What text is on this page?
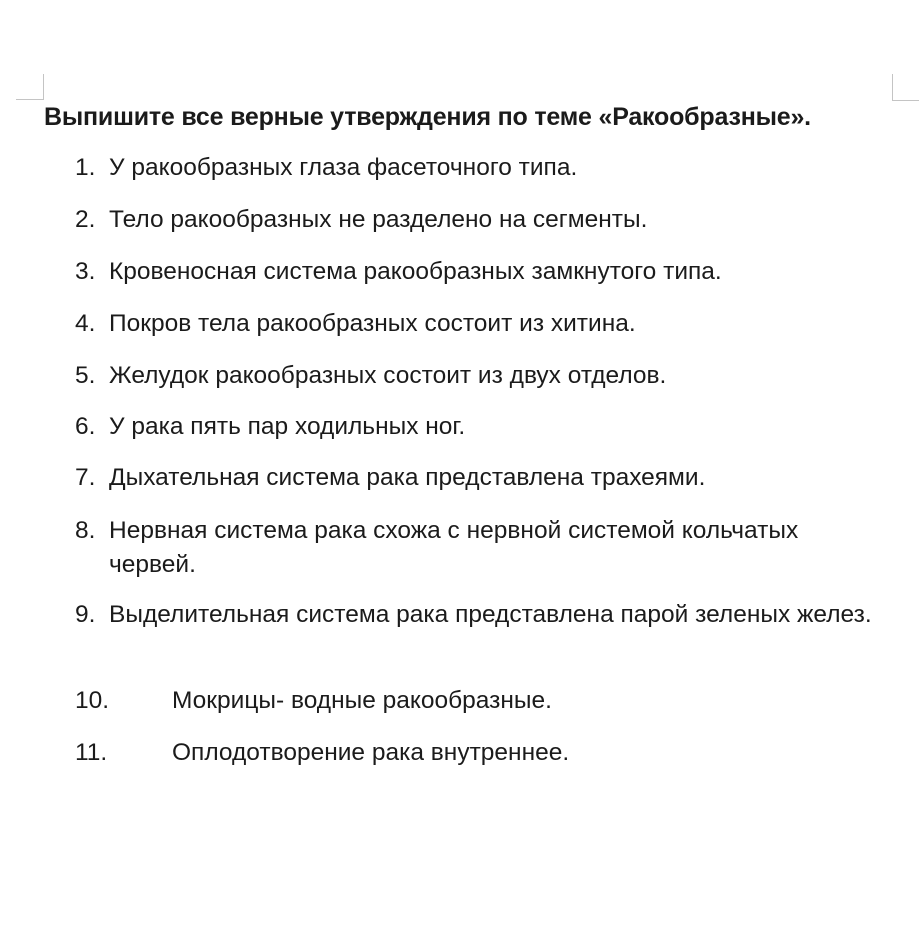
Выпишите все верные утверждения по теме «Ракообразные».
1. У ракообразных глаза фасеточного типа.
2. Тело ракообразных не разделено на сегменты.
3. Кровеносная система ракообразных замкнутого типа.
4. Покров тела ракообразных состоит из хитина.
5. Желудок ракообразных состоит из двух отделов.
6. У рака пять пар ходильных ног.
7. Дыхательная система рака представлена трахеями.
8. Нервная система рака схожа с нервной системой кольчатых червей.
9. Выделительная система рака представлена парой зеленых желез.
10.	Мокрицы- водные ракообразные.
11.	Оплодотворение рака внутреннее.
